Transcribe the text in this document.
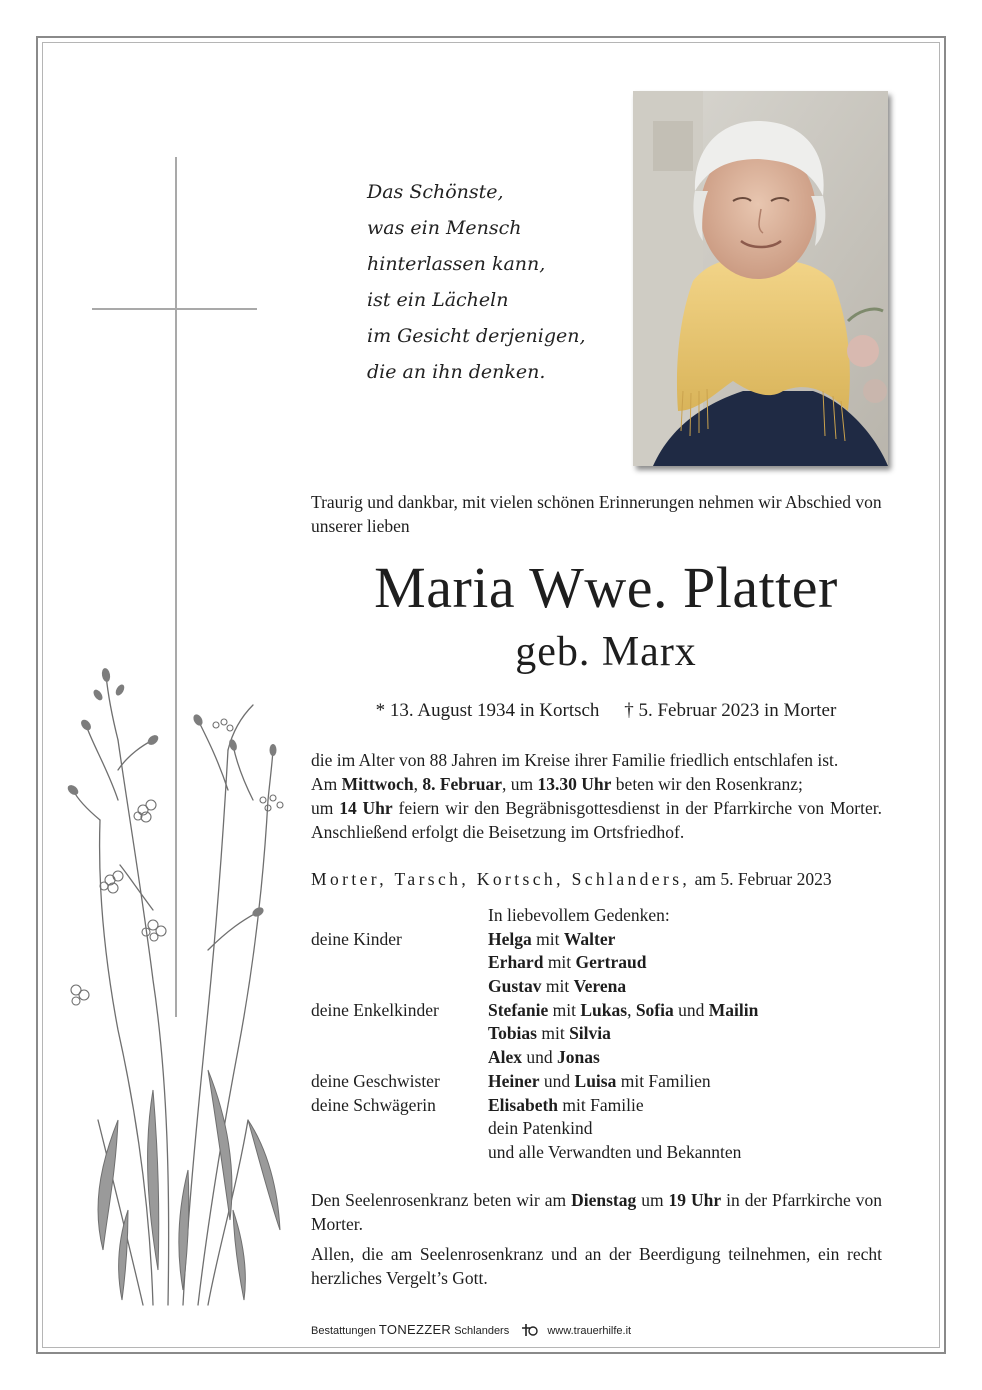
Das Schönste,
was ein Mensch
hinterlassen kann,
ist ein Lächeln
im Gesicht derjenigen,
die an ihn denken.
Traurig und dankbar, mit vielen schönen Erinnerungen nehmen wir Abschied von unserer lieben
Maria Wwe. Platter
geb. Marx
* 13. August 1934 in Kortsch † 5. Februar 2023 in Morter
die im Alter von 88 Jahren im Kreise ihrer Familie friedlich entschlafen ist.
Am Mittwoch, 8. Februar, um 13.30 Uhr beten wir den Rosenkranz;
um 14 Uhr feiern wir den Begräbnisgottesdienst in der Pfarrkirche von Morter. Anschließend erfolgt die Beisetzung im Ortsfriedhof.
Morter, Tarsch, Kortsch, Schlanders, am 5. Februar 2023
In liebevollem Gedenken:
deine Kinder	Helga mit Walter
Erhard mit Gertraud
Gustav mit Verena
deine Enkelkinder	Stefanie mit Lukas, Sofia und Mailin
Tobias mit Silvia
Alex und Jonas
deine Geschwister	Heiner und Luisa mit Familien
deine Schwägerin	Elisabeth mit Familie
dein Patenkind
und alle Verwandten und Bekannten

Den Seelenrosenkranz beten wir am Dienstag um 19 Uhr in der Pfarrkirche von Morter.

Allen, die am Seelenrosenkranz und an der Beerdigung teilnehmen, ein recht herzliches Vergelt’s Gott.

Bestattungen TONEZZER Schlanders	www.trauerhilfe.it
